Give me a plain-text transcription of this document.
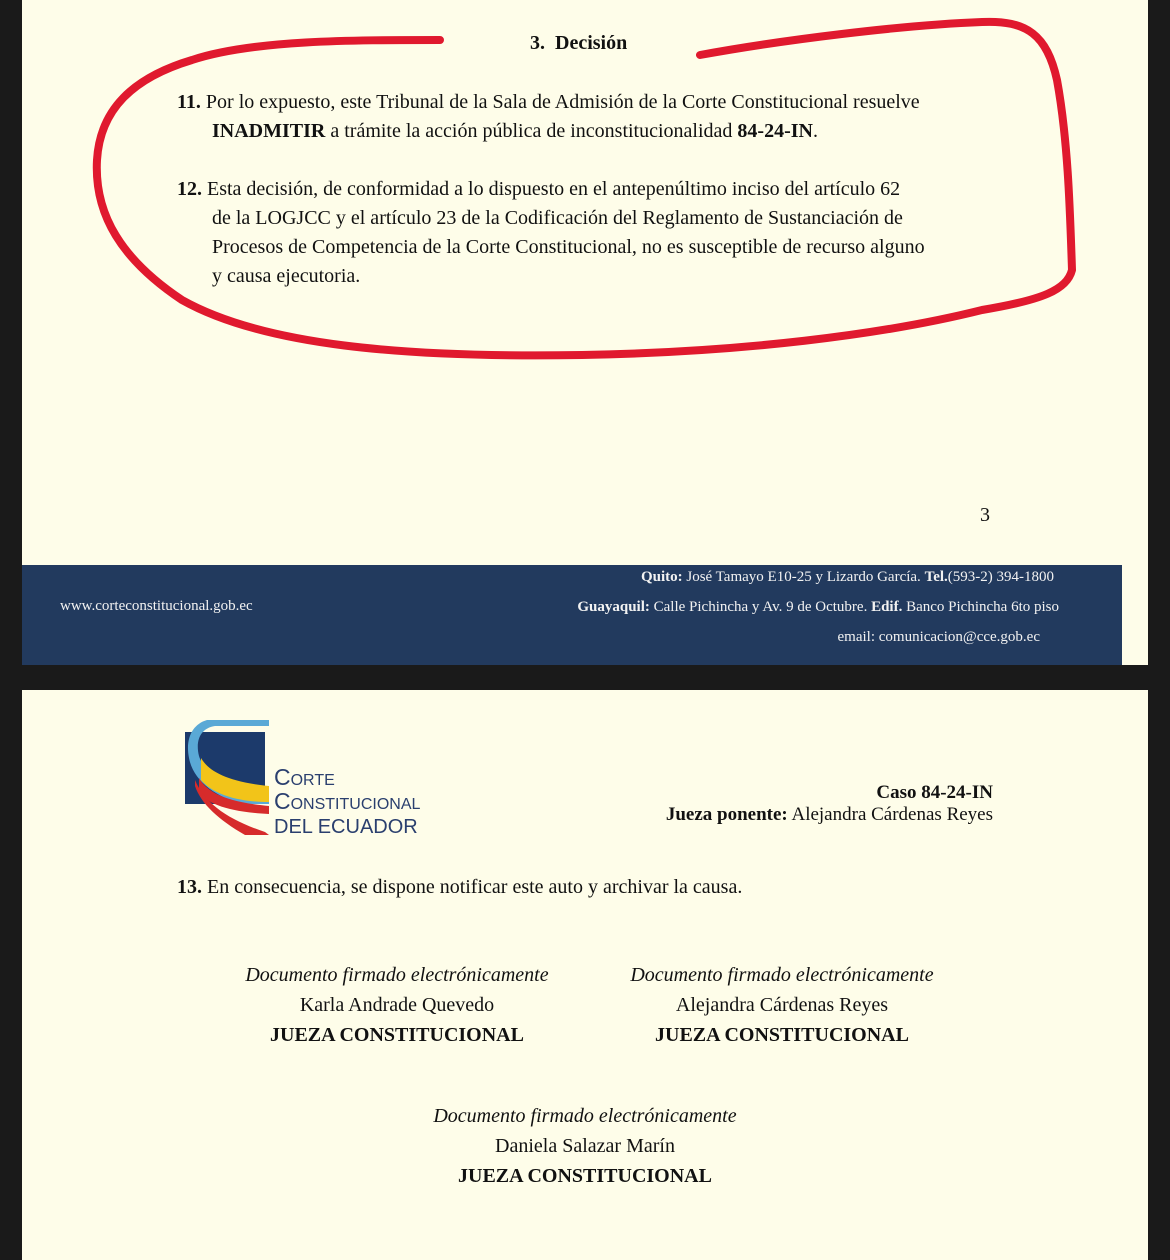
3.  Decisión
11. Por lo expuesto, este Tribunal de la Sala de Admisión de la Corte Constitucional resuelve
INADMITIR a trámite la acción pública de inconstitucionalidad 84-24-IN.
12. Esta decisión, de conformidad a lo dispuesto en el antepenúltimo inciso del artículo 62
de la LOGJCC y el artículo 23 de la Codificación del Reglamento de Sustanciación de
Procesos de Competencia de la Corte Constitucional, no es susceptible de recurso alguno
y causa ejecutoria.
3
www.corteconstitucional.gob.ec
Quito: José Tamayo E10-25 y Lizardo García. Tel.(593-2) 394-1800
Guayaquil: Calle Pichincha y Av. 9 de Octubre. Edif. Banco Pichincha 6to piso
email: comunicacion@cce.gob.ec
Corte
Constitucional
DEL ECUADOR
Caso 84-24-IN
Jueza ponente: Alejandra Cárdenas Reyes
13. En consecuencia, se dispone notificar este auto y archivar la causa.
Documento firmado electrónicamente
Karla Andrade Quevedo
JUEZA CONSTITUCIONAL
Documento firmado electrónicamente
Alejandra Cárdenas Reyes
JUEZA CONSTITUCIONAL
Documento firmado electrónicamente
Daniela Salazar Marín
JUEZA CONSTITUCIONAL
